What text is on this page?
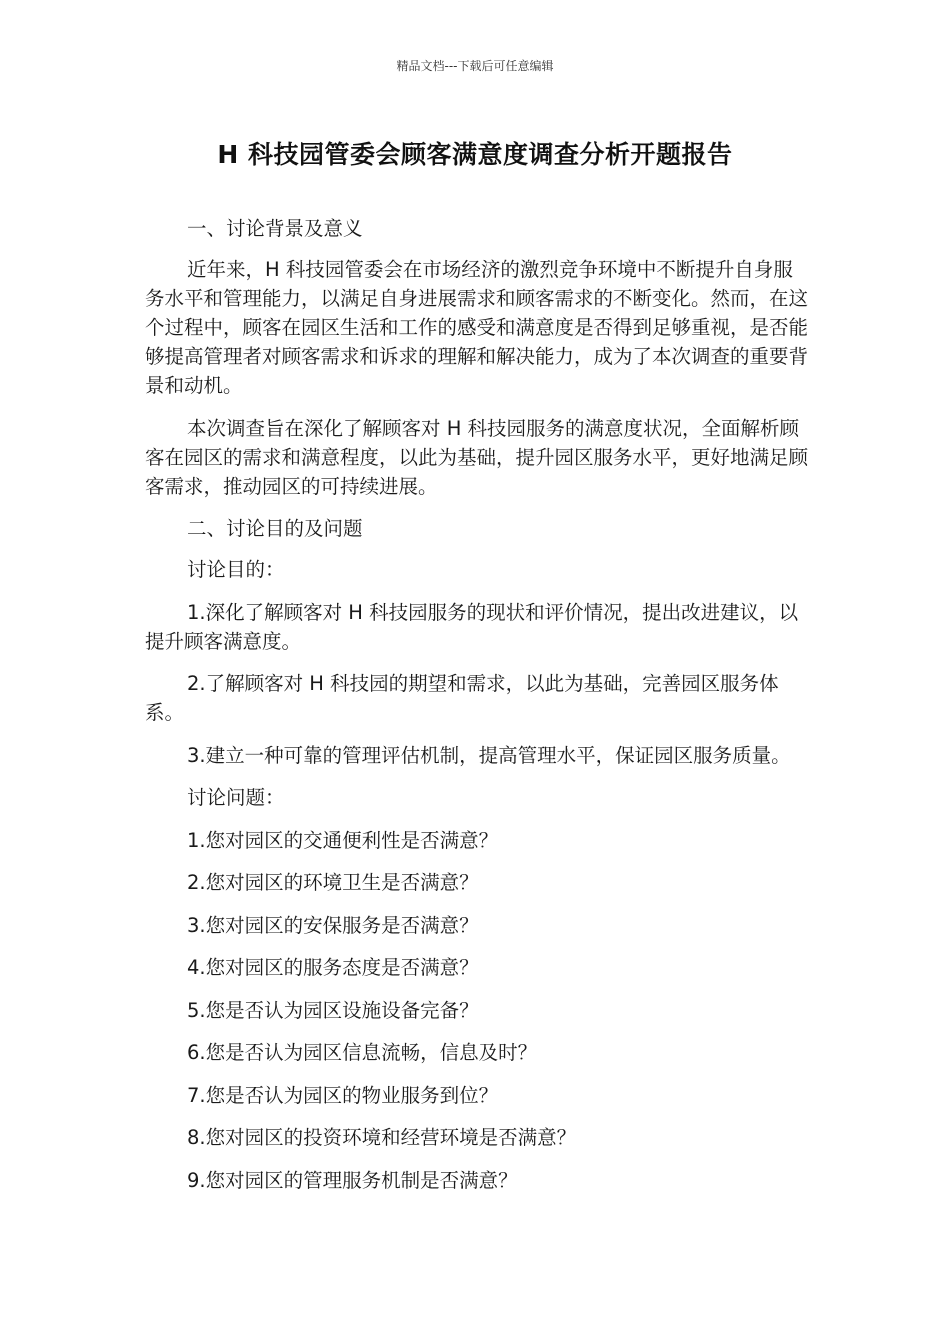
精品文档---下载后可任意编辑
H 科技园管委会顾客满意度调查分析开题报告

一、讨论背景及意义

近年来，H 科技园管委会在市场经济的激烈竞争环境中不断提升自身服务水平和管理能力，以满足自身进展需求和顾客需求的不断变化。然而，在这个过程中，顾客在园区生活和工作的感受和满意度是否得到足够重视，是否能够提高管理者对顾客需求和诉求的理解和解决能力，成为了本次调查的重要背景和动机。

本次调查旨在深化了解顾客对 H 科技园服务的满意度状况，全面解析顾客在园区的需求和满意程度，以此为基础，提升园区服务水平，更好地满足顾客需求，推动园区的可持续进展。

二、讨论目的及问题

讨论目的：

1.深化了解顾客对 H 科技园服务的现状和评价情况，提出改进建议，以提升顾客满意度。

2.了解顾客对 H 科技园的期望和需求，以此为基础，完善园区服务体系。

3.建立一种可靠的管理评估机制，提高管理水平，保证园区服务质量。

讨论问题：

1.您对园区的交通便利性是否满意？

2.您对园区的环境卫生是否满意？

3.您对园区的安保服务是否满意？

4.您对园区的服务态度是否满意？

5.您是否认为园区设施设备完备？

6.您是否认为园区信息流畅，信息及时？

7.您是否认为园区的物业服务到位？

8.您对园区的投资环境和经营环境是否满意？

9.您对园区的管理服务机制是否满意？
